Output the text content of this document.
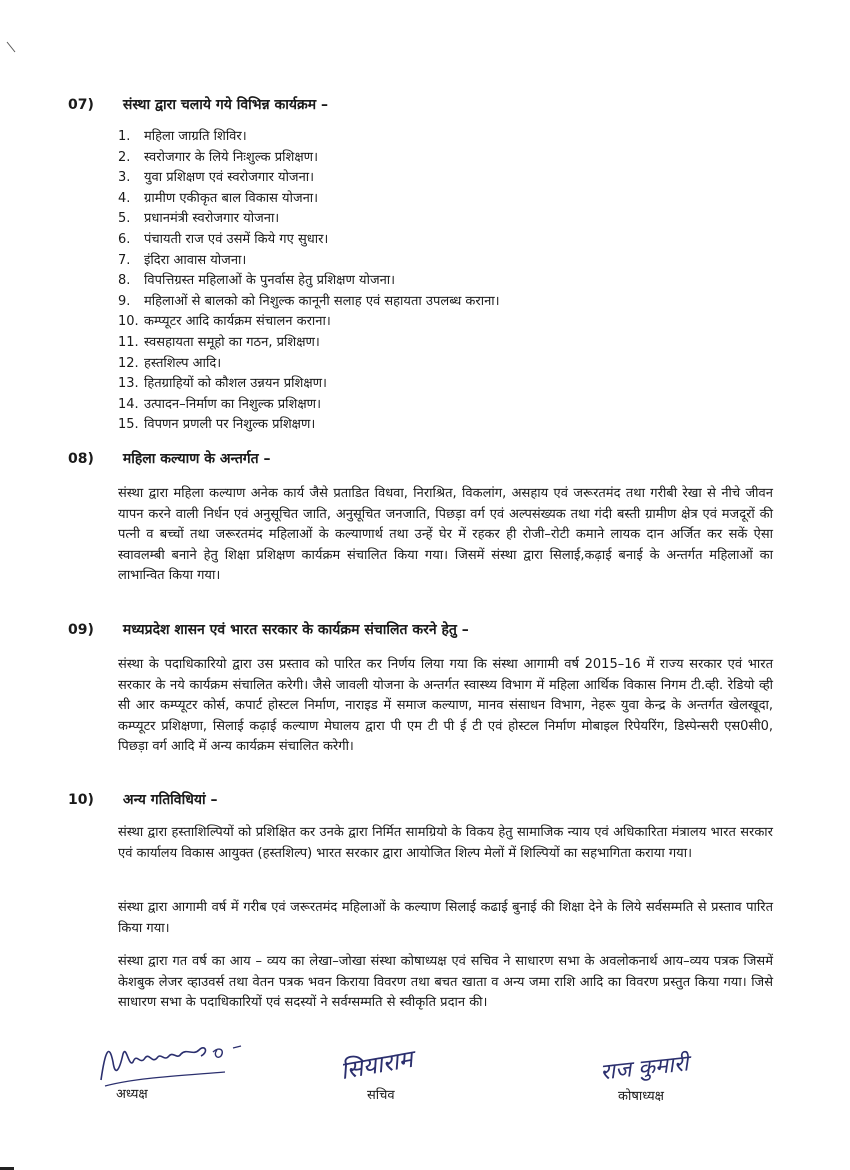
07) संस्था द्वारा चलाये गये विभिन्न कार्यक्रम –
1. महिला जाग्रति शिविर।
2. स्वरोजगार के लिये निःशुल्क प्रशिक्षण।
3. युवा प्रशिक्षण एवं स्वरोजगार योजना।
4. ग्रामीण एकीकृत बाल विकास योजना।
5. प्रधानमंत्री स्वरोजगार योजना।
6. पंचायती राज एवं उसमें किये गए सुधार।
7. इंदिरा आवास योजना।
8. विपत्तिग्रस्त महिलाओं के पुनर्वास हेतु प्रशिक्षण योजना।
9. महिलाओं से बालको को निशुल्क कानूनी सलाह एवं सहायता उपलब्ध कराना।
10. कम्प्यूटर आदि कार्यक्रम संचालन कराना।
11. स्वसहायता समूहो का गठन, प्रशिक्षण।
12. हस्तशिल्प आदि।
13. हितग्राहियों को कौशल उन्नयन प्रशिक्षण।
14. उत्पादन–निर्माण का निशुल्क प्रशिक्षण।
15. विपणन प्रणली पर निशुल्क प्रशिक्षण।
08) महिला कल्याण के अन्तर्गत –

संस्था द्वारा महिला कल्याण अनेक कार्य जैसे प्रताडित विधवा, निराश्रित, विकलांग, असहाय एवं जरूरतमंद तथा गरीबी रेखा से नीचे जीवन यापन करने वाली निर्धन एवं अनुसूचित जाति, अनुसूचित जनजाति, पिछड़ा वर्ग एवं अल्पसंख्यक तथा गंदी बस्ती ग्रामीण क्षेत्र एवं मजदूरों की पत्नी व बच्चों तथा जरूरतमंद महिलाओं के कल्याणार्थ तथा उन्हें घेर में रहकर ही रोजी–रोटी कमाने लायक दान अर्जित कर सकें ऐसा स्वावलम्बी बनाने हेतु शिक्षा प्रशिक्षण कार्यक्रम संचालित किया गया। जिसमें संस्था द्वारा सिलाई,कढ़ाई बनाई के अन्तर्गत महिलाओं का लाभान्वित किया गया।

09) मध्यप्रदेश शासन एवं भारत सरकार के कार्यक्रम संचालित करने हेतु –

संस्था के पदाधिकारियो द्वारा उस प्रस्ताव को पारित कर निर्णय लिया गया कि संस्था आगामी वर्ष 2015–16 में राज्य सरकार एवं भारत सरकार के नये कार्यक्रम संचालित करेगी। जैसे जावली योजना के अन्तर्गत स्वास्थ्य विभाग में महिला आर्थिक विकास निगम टी.व्ही. रेडियो व्ही सी आर कम्प्यूटर कोर्स, कपार्ट होस्टल निर्माण, नाराइड में समाज कल्याण, मानव संसाधन विभाग, नेहरू युवा केन्द्र के अन्तर्गत खेलखूदा, कम्प्यूटर प्रशिक्षणा, सिलाई कढ़ाई कल्याण मेघालय द्वारा पी एम टी पी ई टी एवं होस्टल निर्माण मोबाइल रिपेयरिंग, डिस्पेन्सरी एस0सी0, पिछड़ा वर्ग आदि में अन्य कार्यक्रम संचालित करेगी।

10) अन्य गतिविधियां –

संस्था द्वारा हस्ताशिल्पियों को प्रशिक्षित कर उनके द्वारा निर्मित सामग्रियो के विकय हेतु सामाजिक न्याय एवं अधिकारिता मंत्रालय भारत सरकार एवं कार्यालय विकास आयुक्त (हस्तशिल्प) भारत सरकार द्वारा आयोजित शिल्प मेलों में शिल्पियों का सहभागिता कराया गया।

संस्था द्वारा आगामी वर्ष में गरीब एवं जरूरतमंद महिलाओं के कल्याण सिलाई कढाई बुनाई की शिक्षा देने के लिये सर्वसम्मति से प्रस्ताव पारित किया गया।

संस्था द्वारा गत वर्ष का आय – व्यय का लेखा–जोखा संस्था कोषाध्यक्ष एवं सचिव ने साधारण सभा के अवलोकनार्थ आय–व्यय पत्रक जिसमें केशबुक लेजर व्हाउवर्स तथा वेतन पत्रक भवन किराया विवरण तथा बचत खाता व अन्य जमा राशि आदि का विवरण प्रस्तुत किया गया। जिसे साधारण सभा के पदाधिकारियों एवं सदस्यों ने सर्वग्सम्मति से स्वीकृति प्रदान की।

अध्यक्ष
सियाराम
सचिव
राज कुमारी
कोषाध्यक्ष
